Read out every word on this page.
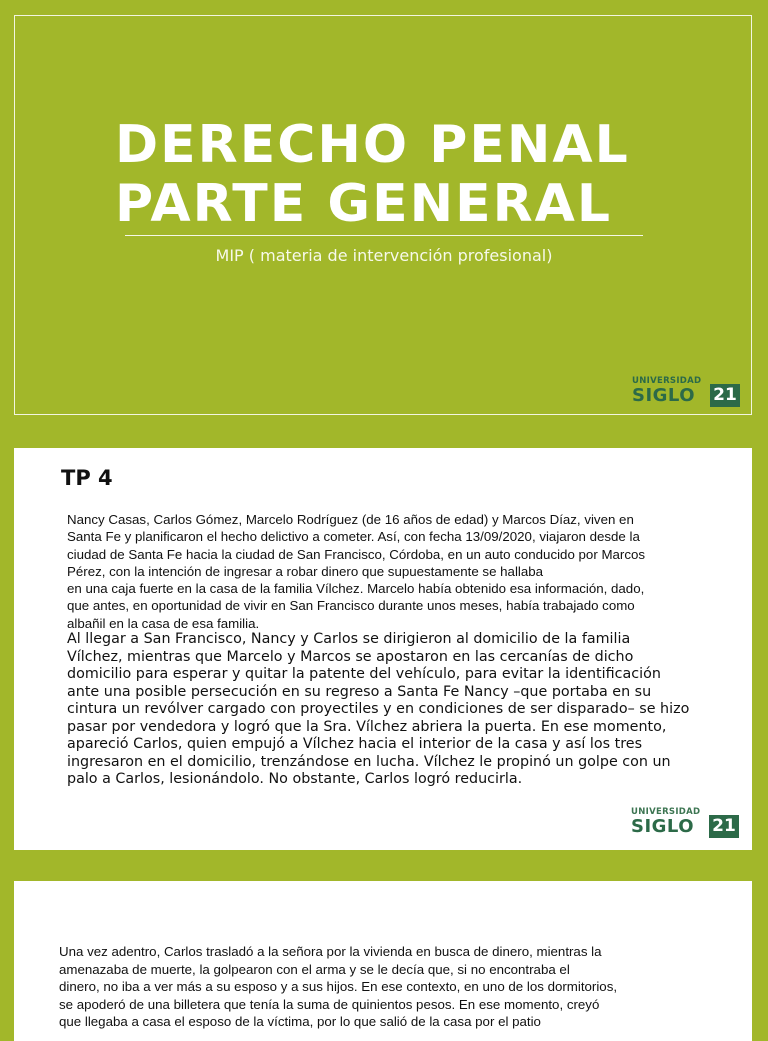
DERECHO PENAL
PARTE GENERAL
MIP ( materia de intervención profesional)
UNIVERSIDAD
SIGLO 21
TP 4
Nancy Casas, Carlos Gómez, Marcelo Rodríguez (de 16 años de edad) y Marcos Díaz, viven en
Santa Fe y planificaron el hecho delictivo a cometer. Así, con fecha 13/09/2020, viajaron desde la
ciudad de Santa Fe hacia la ciudad de San Francisco, Córdoba, en un auto conducido por Marcos
Pérez, con la intención de ingresar a robar dinero que supuestamente se hallaba
en una caja fuerte en la casa de la familia Vílchez. Marcelo había obtenido esa información, dado,
que antes, en oportunidad de vivir en San Francisco durante unos meses, había trabajado como
albañil en la casa de esa familia.
Al llegar a San Francisco, Nancy y Carlos se dirigieron al domicilio de la familia
Vílchez, mientras que Marcelo y Marcos se apostaron en las cercanías de dicho
domicilio para esperar y quitar la patente del vehículo, para evitar la identificación
ante una posible persecución en su regreso a Santa Fe Nancy –que portaba en su
cintura un revólver cargado con proyectiles y en condiciones de ser disparado– se hizo
pasar por vendedora y logró que la Sra. Vílchez abriera la puerta. En ese momento,
apareció Carlos, quien empujó a Vílchez hacia el interior de la casa y así los tres
ingresaron en el domicilio, trenzándose en lucha. Vílchez le propinó un golpe con un
palo a Carlos, lesionándolo. No obstante, Carlos logró reducirla.
UNIVERSIDAD
SIGLO 21
Una vez adentro, Carlos trasladó a la señora por la vivienda en busca de dinero, mientras la
amenazaba de muerte, la golpearon con el arma y se le decía que, si no encontraba el
dinero, no iba a ver más a su esposo y a sus hijos. En ese contexto, en uno de los dormitorios,
se apoderó de una billetera que tenía la suma de quinientos pesos. En ese momento, creyó
que llegaba a casa el esposo de la víctima, por lo que salió de la casa por el patio
